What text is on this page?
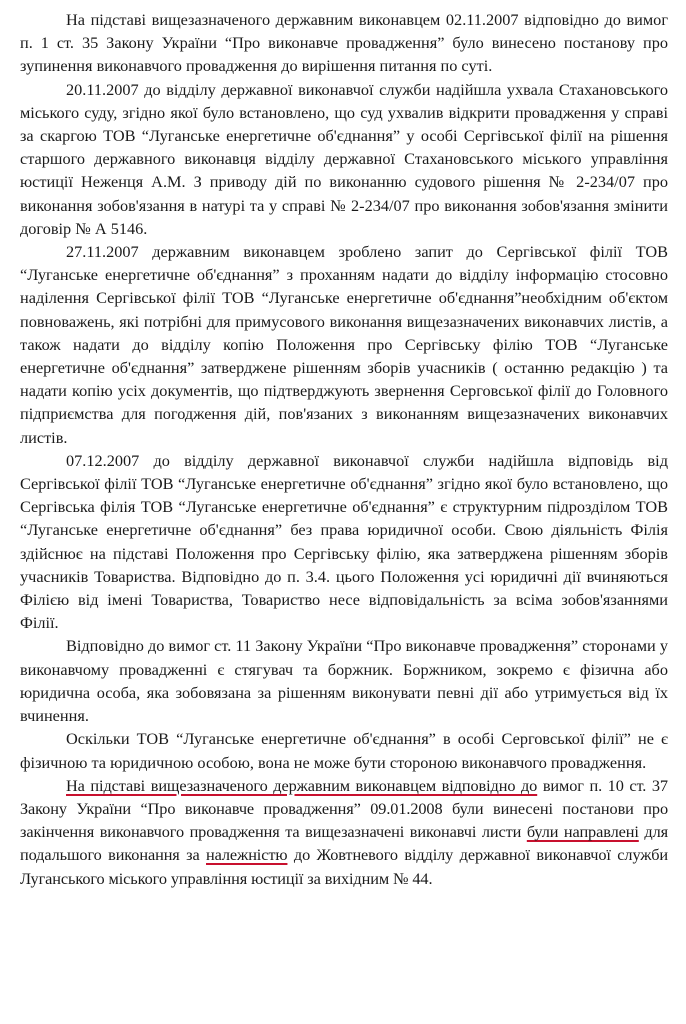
На підставі вищезазначеного державним виконавцем 02.11.2007 відповідно до вимог п. 1 ст. 35 Закону України “Про виконавче провадження” було винесено постанову про зупинення виконавчого провадження до вирішення питання по суті.

20.11.2007 до відділу державної виконавчої служби надійшла ухвала Стахановського міського суду, згідно якої було встановлено, що суд ухвалив відкрити провадження у справі за скаргою ТОВ “Луганське енергетичне об'єднання” у особі Сергівської філії на рішення старшого державного виконавця відділу державної Стахановського міського управління юстиції Неженця А.М. З приводу дій по виконанню судового рішення № 2-234/07 про виконання зобов'язання в натурі та у справі № 2-234/07 про виконання зобов'язання змінити договір № А 5146.

27.11.2007 державним виконавцем зроблено запит до Сергівської філії ТОВ “Луганське енергетичне об'єднання” з проханням надати до відділу інформацію стосовно наділення Сергівської філії ТОВ “Луганське енергетичне об'єднання”необхідним об'єктом повноважень, які потрібні для примусового виконання вищезазначених виконавчих листів, а також надати до відділу копію Положення про Сергівську філію ТОВ “Луганське енергетичне об'єднання” затверджене рішенням зборів учасників ( останню редакцію ) та надати копію усіх документів, що підтверджують звернення Серговської філії до Головного підприємства для погодження дій, пов'язаних з виконанням вищезазначених виконавчих листів.

07.12.2007 до відділу державної виконавчої служби надійшла відповідь від Сергівської філії ТОВ “Луганське енергетичне об'єднання” згідно якої було встановлено, що Сергівська філія ТОВ “Луганське енергетичне об'єднання” є структурним підрозділом ТОВ “Луганське енергетичне об'єднання” без права юридичної особи. Свою діяльність Філія здійснює на підставі Положення про Сергівську філію, яка затверджена рішенням зборів учасників Товариства. Відповідно до п. 3.4. цього Положення усі юридичні дії вчиняються Філією від імені Товариства, Товариство несе відповідальність за всіма зобов'язаннями Філії.

Відповідно до вимог ст. 11 Закону України “Про виконавче провадження” сторонами у виконавчому провадженні є стягувач та боржник. Боржником, зокремо є фізична або юридична особа, яка зобовязана за рішенням виконувати певні дії або утримується від їх вчинення.

Оскільки ТОВ “Луганське енергетичне об'єднання” в особі Серговської філії” не є фізичною та юридичною особою, вона не може бути стороною виконавчого провадження.

На підставі вищезазначеного державним виконавцем відповідно до вимог п. 10 ст. 37 Закону України “Про виконавче провадження” 09.01.2008 були винесені постанови про закінчення виконавчого провадження та вищезазначені виконавчі листи були направлені для подальшого виконання за належністю до Жовтневого відділу державної виконавчої служби Луганського міського управління юстиції за вихідним № 44.
